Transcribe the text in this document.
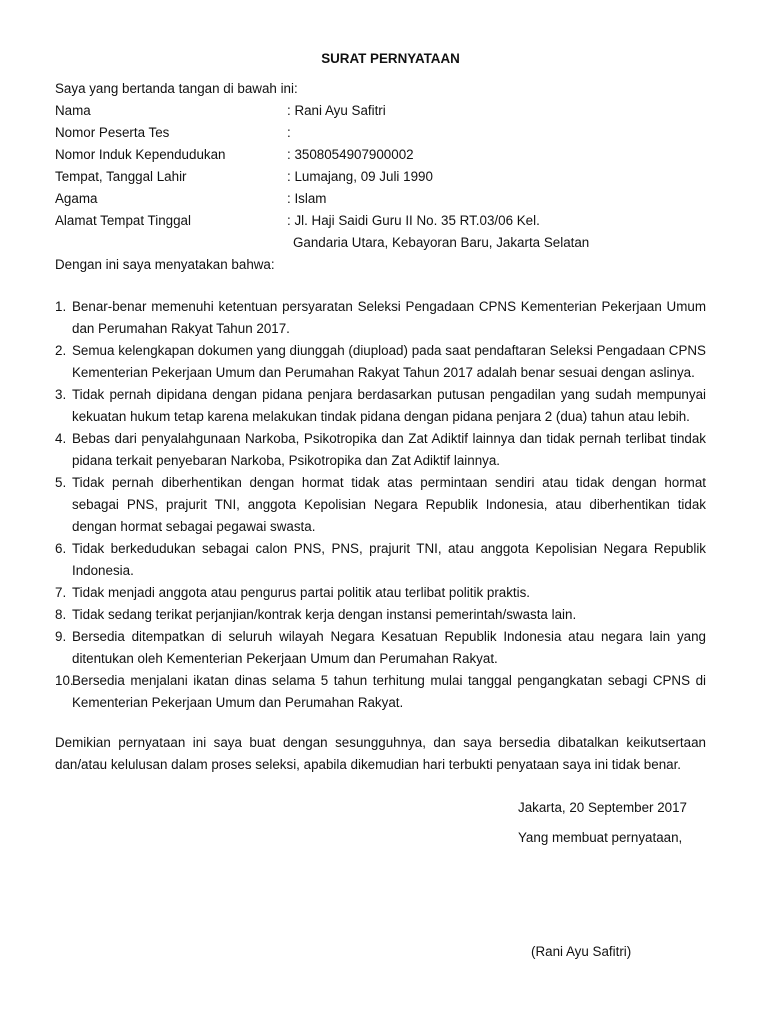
SURAT PERNYATAAN
Saya yang bertanda tangan di bawah ini:
Nama	: Rani Ayu Safitri
Nomor Peserta Tes	:
Nomor Induk Kependudukan	: 3508054907900002
Tempat, Tanggal Lahir	: Lumajang, 09 Juli 1990
Agama	: Islam
Alamat Tempat Tinggal	: Jl. Haji Saidi Guru II No. 35 RT.03/06 Kel.
Gandaria Utara, Kebayoran Baru, Jakarta Selatan
Dengan ini saya menyatakan bahwa:
1. Benar-benar memenuhi ketentuan persyaratan Seleksi Pengadaan CPNS Kementerian Pekerjaan Umum dan Perumahan Rakyat Tahun 2017.
2. Semua kelengkapan dokumen yang diunggah (diupload) pada saat pendaftaran Seleksi Pengadaan CPNS Kementerian Pekerjaan Umum dan Perumahan Rakyat Tahun 2017 adalah benar sesuai dengan aslinya.
3. Tidak pernah dipidana dengan pidana penjara berdasarkan putusan pengadilan yang sudah mempunyai kekuatan hukum tetap karena melakukan tindak pidana dengan pidana penjara 2 (dua) tahun atau lebih.
4. Bebas dari penyalahgunaan Narkoba, Psikotropika dan Zat Adiktif lainnya dan tidak pernah terlibat tindak pidana terkait penyebaran Narkoba, Psikotropika dan Zat Adiktif lainnya.
5. Tidak pernah diberhentikan dengan hormat tidak atas permintaan sendiri atau tidak dengan hormat sebagai PNS, prajurit TNI, anggota Kepolisian Negara Republik Indonesia, atau diberhentikan tidak dengan hormat sebagai pegawai swasta.
6. Tidak berkedudukan sebagai calon PNS, PNS, prajurit TNI, atau anggota Kepolisian Negara Republik Indonesia.
7. Tidak menjadi anggota atau pengurus partai politik atau terlibat politik praktis.
8. Tidak sedang terikat perjanjian/kontrak kerja dengan instansi pemerintah/swasta lain.
9. Bersedia ditempatkan di seluruh wilayah Negara Kesatuan Republik Indonesia atau negara lain yang ditentukan oleh Kementerian Pekerjaan Umum dan Perumahan Rakyat.
10.
Bersedia menjalani ikatan dinas selama 5 tahun terhitung mulai tanggal pengangkatan sebagi CPNS di Kementerian Pekerjaan Umum dan Perumahan Rakyat.
Demikian pernyataan ini saya buat dengan sesungguhnya, dan saya bersedia dibatalkan keikutsertaan dan/atau kelulusan dalam proses seleksi, apabila dikemudian hari terbukti penyataan saya ini tidak benar.
Jakarta, 20 September 2017
Yang membuat pernyataan,
(Rani Ayu Safitri)
